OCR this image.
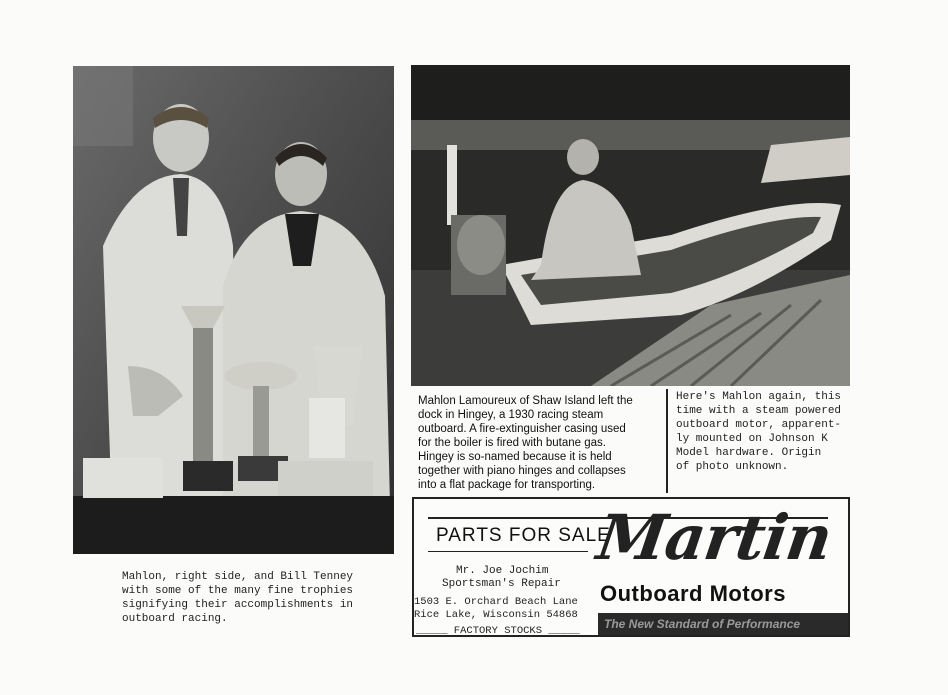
Mahlon, right side, and Bill Tenney
with some of the many fine trophies
signifying their accomplishments in
outboard racing.
Mahlon Lamoureux of Shaw Island left the
dock in Hingey, a 1930 racing steam
outboard. A fire-extinguisher casing used
for the boiler is fired with butane gas.
Hingey is so-named because it is held
together with piano hinges and collapses
into a flat package for transporting.
Here's Mahlon again, this
time with a steam powered
outboard motor, apparent-
ly mounted on Johnson K
Model hardware. Origin
of photo unknown.
PARTS FOR SALE
Mr. Joe Jochim
Sportsman's Repair
1503 E. Orchard Beach Lane
Rice Lake, Wisconsin 54868
_____ FACTORY STOCKS _____
Martin
Outboard Motors
The New Standard of Performance
